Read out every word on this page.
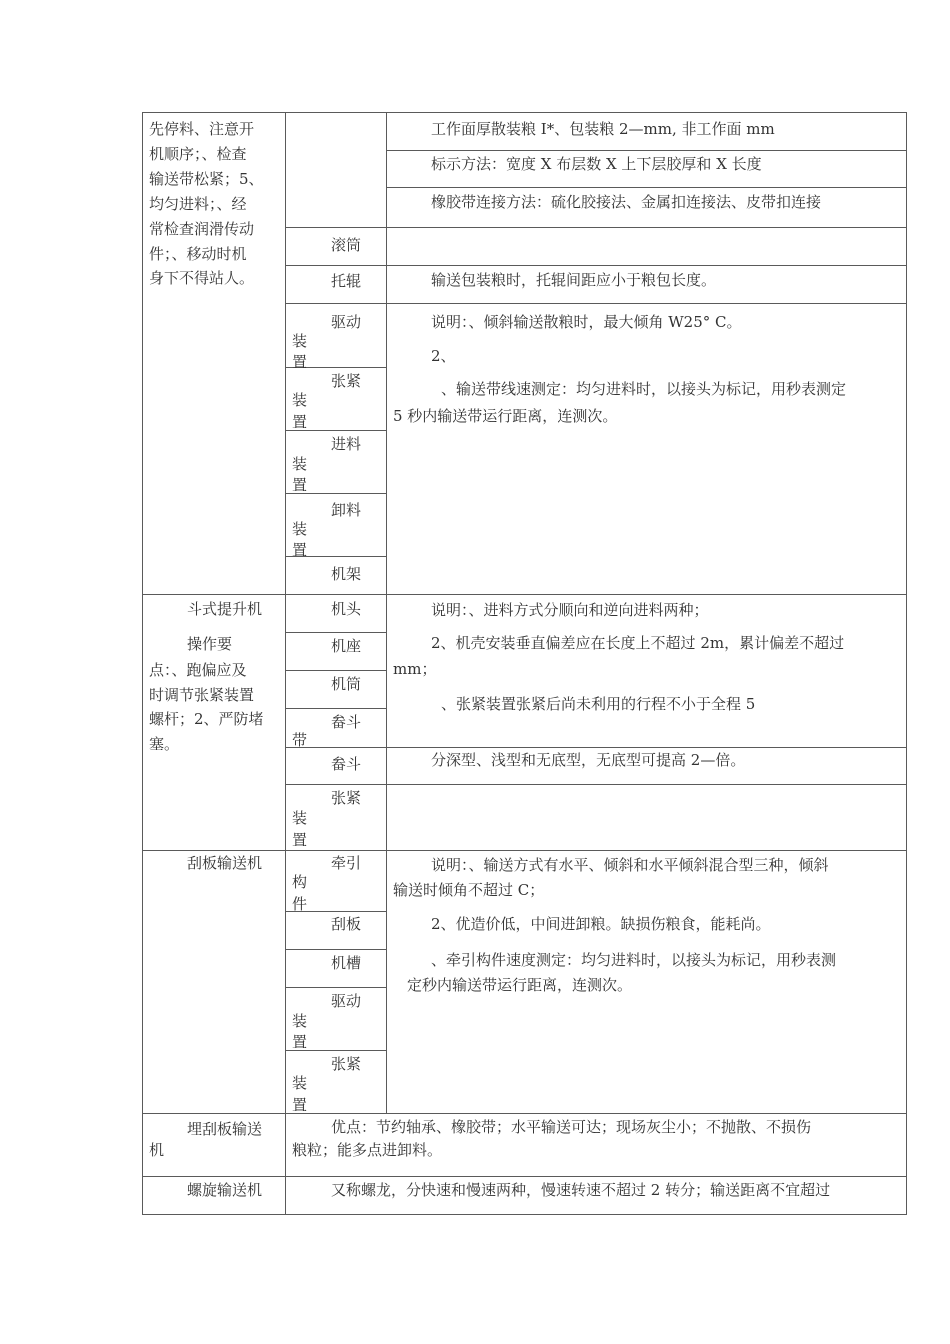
先停料、注意开
机顺序；、检查
输送带松紧；5、
均匀进料；、经
常检查润滑传动
件；、移动时机
身下不得站人。
斗式提升机
操作要
点：、跑偏应及
时调节张紧装置
螺杆；2、严防堵
塞。
刮板输送机
埋刮板输送
机
螺旋输送机
滚筒
托辊
驱动
装
置
张紧
装
置
进料
装
置
卸料
装
置
机架
机头
机座
机筒
畚斗
带
畚斗
张紧
装
置
牵引
构
件
刮板
机槽
驱动
装
置
张紧
装
置
工作面厚散装粮 I*、包装粮 2—mm, 非工作面 mm
标示方法：宽度 X 布层数 X 上下层胶厚和 X 长度
橡胶带连接方法：硫化胶接法、金属扣连接法、皮带扣连接
输送包装粮时，托辊间距应小于粮包长度。
说明：、倾斜输送散粮时，最大倾角 W25° C。
2、
、输送带线速测定：均匀进料时，以接头为标记，用秒表测定
5 秒内输送带运行距离，连测次。
说明：、进料方式分顺向和逆向进料两种；
2、机壳安装垂直偏差应在长度上不超过 2m，累计偏差不超过
mm；
、张紧装置张紧后尚未利用的行程不小于全程 5
分深型、浅型和无底型，无底型可提高 2—倍。
说明：、输送方式有水平、倾斜和水平倾斜混合型三种，倾斜
输送时倾角不超过 C；
2、优造价低，中间进卸粮。缺损伤粮食，能耗尚。
、牵引构件速度测定：均匀进料时，以接头为标记，用秒表测
定秒内输送带运行距离，连测次。
优点：节约轴承、橡胶带；水平输送可达；现场灰尘小；不抛散、不损伤
粮粒；能多点进卸料。
又称螺龙，分快速和慢速两种，慢速转速不超过 2 转分；输送距离不宜超过
